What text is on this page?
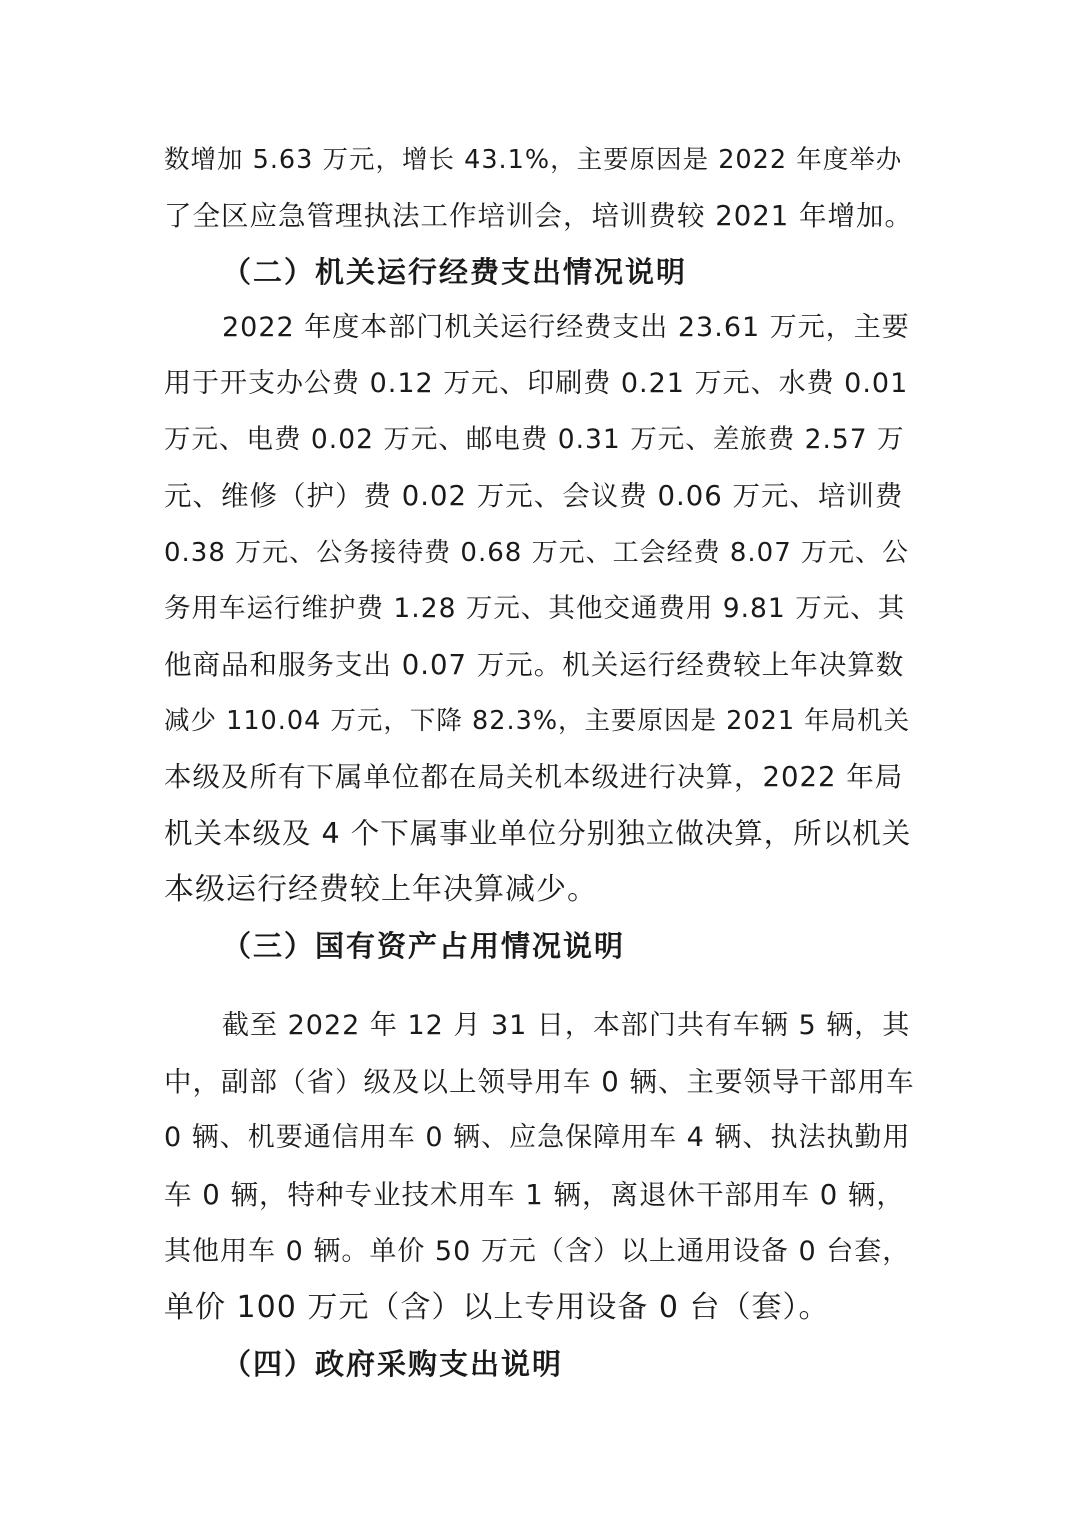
数增加 5.63 万元，增长 43.1%，主要原因是 2022 年度举办
了全区应急管理执法工作培训会，培训费较 2021 年增加。
（二）机关运行经费支出情况说明
2022 年度本部门机关运行经费支出 23.61 万元，主要
用于开支办公费 0.12 万元、印刷费 0.21 万元、水费 0.01
万元、电费 0.02 万元、邮电费 0.31 万元、差旅费 2.57 万
元、维修（护）费 0.02 万元、会议费 0.06 万元、培训费
0.38 万元、公务接待费 0.68 万元、工会经费 8.07 万元、公
务用车运行维护费 1.28 万元、其他交通费用 9.81 万元、其
他商品和服务支出 0.07 万元。机关运行经费较上年决算数
减少 110.04 万元，下降 82.3%，主要原因是 2021 年局机关
本级及所有下属单位都在局关机本级进行决算，2022 年局
机关本级及 4 个下属事业单位分别独立做决算，所以机关
本级运行经费较上年决算减少。
（三）国有资产占用情况说明
截至 2022 年 12 月 31 日，本部门共有车辆 5 辆，其
中，副部（省）级及以上领导用车 0 辆、主要领导干部用车
0 辆、机要通信用车 0 辆、应急保障用车 4 辆、执法执勤用
车 0 辆，特种专业技术用车 1 辆，离退休干部用车 0 辆，
其他用车 0 辆。单价 50 万元（含）以上通用设备 0 台套，
单价 100 万元（含）以上专用设备 0 台（套）。
（四）政府采购支出说明
